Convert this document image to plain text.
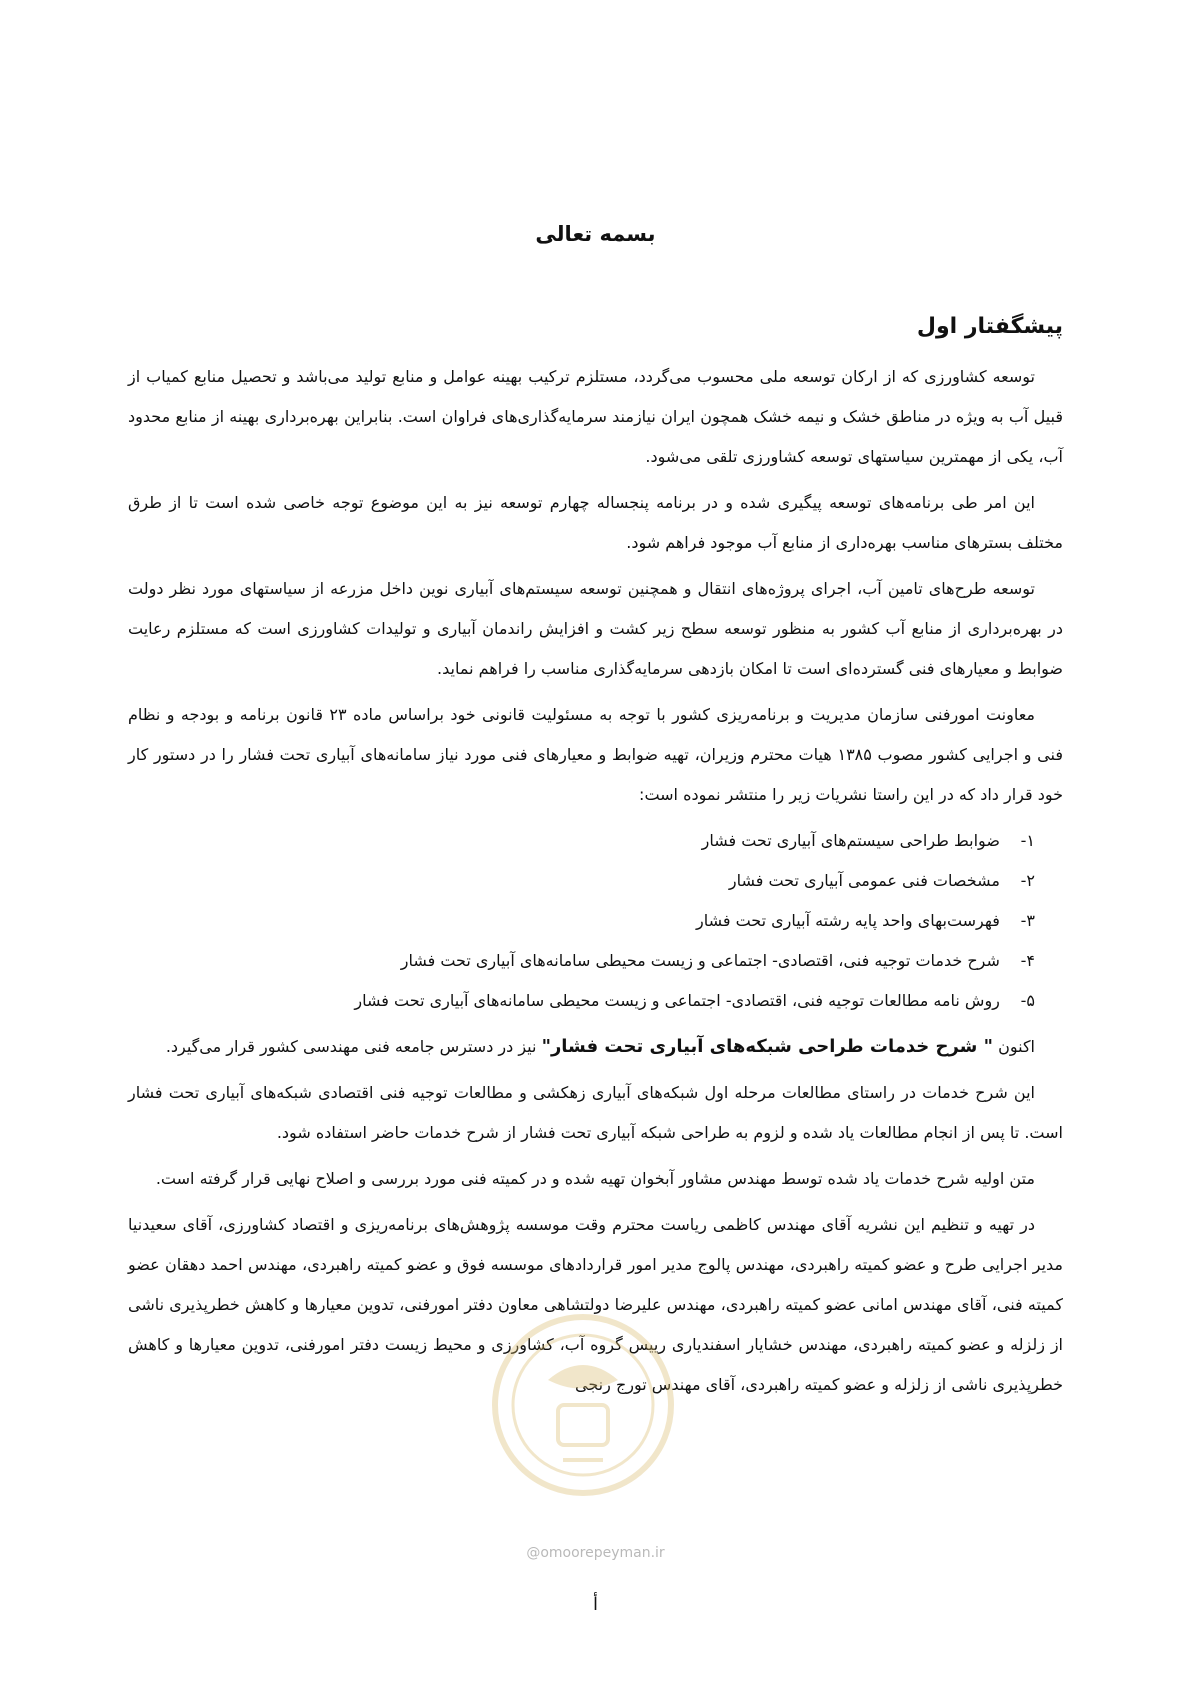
بسمه تعالی
پیشگفتار اول

توسعه کشاورزی که از ارکان توسعه ملی محسوب می‌گردد، مستلزم ترکیب بهینه عوامل و منابع تولید می‌باشد و تحصیل منابع کمیاب از قبیل آب به ویژه در مناطق خشک و نیمه خشک همچون ایران نیازمند سرمایه‌گذاری‌های فراوان است. بنابراین بهره‌برداری بهینه از منابع محدود آب، یکی از مهمترین سیاستهای توسعه کشاورزی تلقی می‌شود.

این امر طی برنامه‌های توسعه پیگیری شده و در برنامه پنجساله چهارم توسعه نیز به این موضوع توجه خاصی شده است تا از طرق مختلف بسترهای مناسب بهره‌داری از منابع آب موجود فراهم شود.

توسعه طرح‌های تامین آب، اجرای پروژه‌های انتقال و همچنین توسعه سیستم‌های آبیاری نوین داخل مزرعه از سیاستهای مورد نظر دولت در بهره‌برداری از منابع آب کشور به منظور توسعه سطح زیر کشت و افزایش راندمان آبیاری و تولیدات کشاورزی است که مستلزم رعایت ضوابط و معیارهای فنی گسترده‌ای است تا امکان بازدهی سرمایه‌گذاری مناسب را فراهم نماید.

معاونت امورفنی سازمان مدیریت و برنامه‌ریزی کشور با توجه به مسئولیت قانونی خود براساس ماده ۲۳ قانون برنامه و بودجه و نظام فنی و اجرایی کشور مصوب ۱۳۸۵ هیات محترم وزیران، تهیه ضوابط و معیارهای فنی مورد نیاز سامانه‌های آبیاری تحت فشار را در دستور کار خود قرار داد که در این راستا نشریات زیر را منتشر نموده است:

۱- ضوابط طراحی سیستم‌های آبیاری تحت فشار
۲- مشخصات فنی عمومی آبیاری تحت فشار
۳- فهرست‌بهای واحد پایه رشته آبیاری تحت فشار
۴- شرح خدمات توجیه فنی، اقتصادی- اجتماعی و زیست محیطی سامانه‌های آبیاری تحت فشار
۵- روش نامه مطالعات توجیه فنی، اقتصادی- اجتماعی و زیست محیطی سامانه‌های آبیاری تحت فشار

اکنون " شرح خدمات طراحی شبکه‌های آبیاری تحت فشار" نیز در دسترس جامعه فنی مهندسی کشور قرار می‌گیرد.

این شرح خدمات در راستای مطالعات مرحله اول شبکه‌های آبیاری زهکشی و مطالعات توجیه فنی اقتصادی شبکه‌های آبیاری تحت فشار است. تا پس از انجام مطالعات یاد شده و لزوم به طراحی شبکه آبیاری تحت فشار از شرح خدمات حاضر استفاده شود.

متن اولیه شرح خدمات یاد شده توسط مهندس مشاور آبخوان تهیه شده و در کمیته فنی مورد بررسی و اصلاح نهایی قرار گرفته است.

در تهیه و تنظیم این نشریه آقای مهندس کاظمی ریاست محترم وقت موسسه پژوهش‌های برنامه‌ریزی و اقتصاد کشاورزی، آقای سعیدنیا مدیر اجرایی طرح و عضو کمیته راهبردی، مهندس پالوج مدیر امور قراردادهای موسسه فوق و عضو کمیته راهبردی، مهندس احمد دهقان عضو کمیته فنی، آقای مهندس امانی عضو کمیته راهبردی، مهندس علیرضا دولتشاهی معاون دفتر امورفنی، تدوین معیارها و کاهش خطرپذیری ناشی از زلزله و عضو کمیته راهبردی، مهندس خشایار اسفندیاری رییس گروه آب، کشاورزی و محیط زیست دفتر امورفنی، تدوین معیارها و کاهش خطرپذیری ناشی از زلزله و عضو کمیته راهبردی، آقای مهندس تورج رنجی

@omoorepeyman.ir
أ
